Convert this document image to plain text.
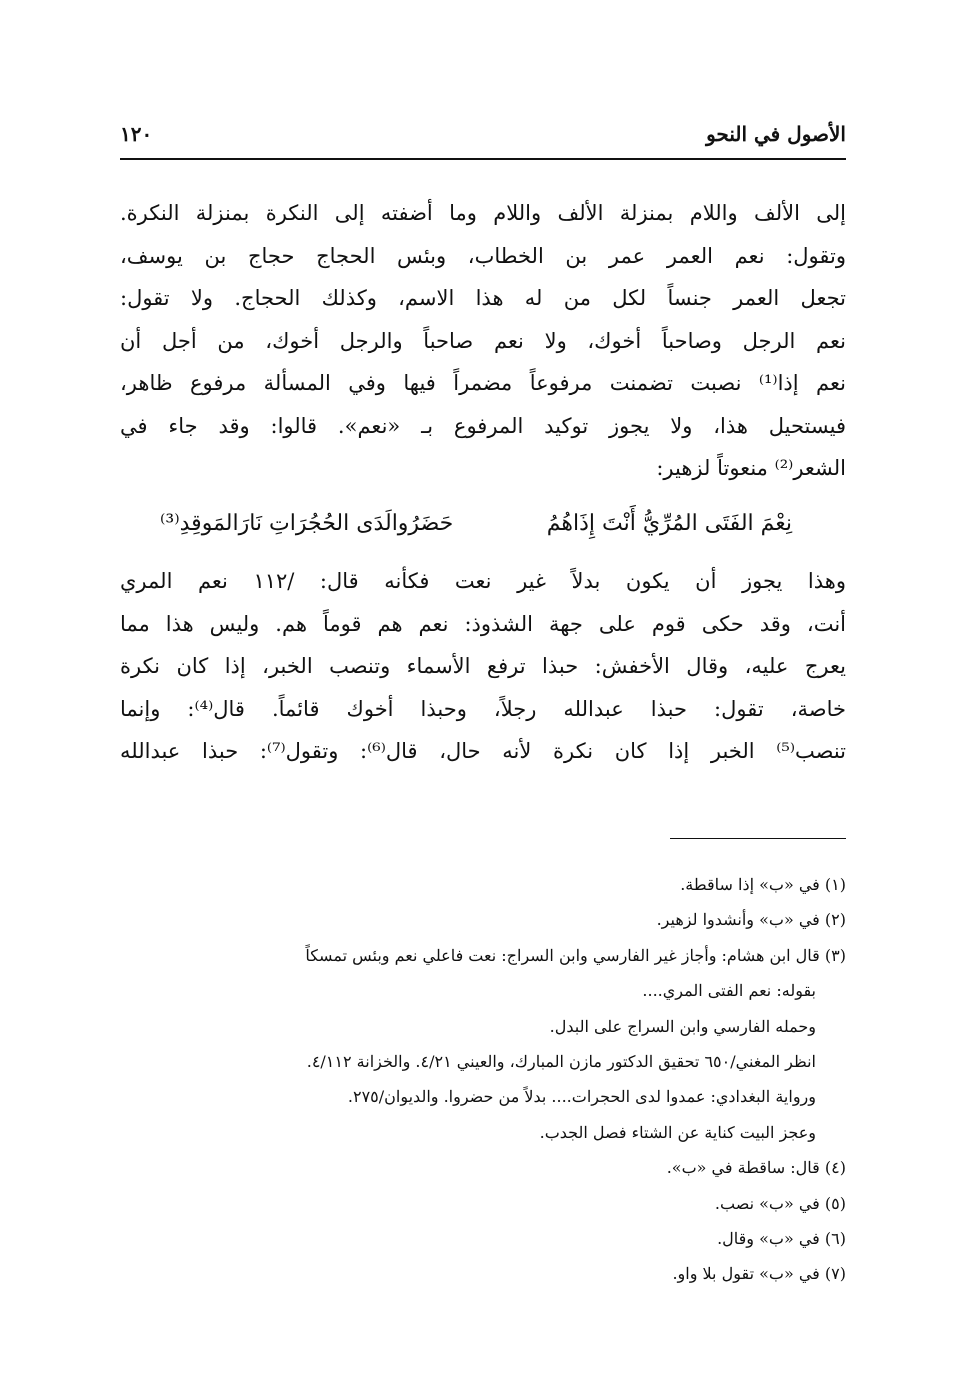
الأصول في النحو
١٢٠
إلى الألف واللام بمنزلة الألف واللام وما أضفته إلى النكرة بمنزلة النكرة.
وتقول: نعم العمر عمر بن الخطاب، وبئس الحجاج حجاج بن يوسف،
تجعل العمر جنساً لكل من له هذا الاسم، وكذلك الحجاج. ولا تقول:
نعم الرجل وصاحباً أخوك، ولا نعم صاحباً والرجل أخوك، من أجل أن
نعم إذا⁽¹⁾ نصبت تضمنت مرفوعاً مضمراً فيها وفي المسألة مرفوع ظاهر،
فيستحيل هذا، ولا يجوز توكيد المرفوع بـ «نعم». قالوا: وقد جاء في
الشعر⁽²⁾ منعوتاً لزهير:
نِعْمَ الفَتَى المُرِّيُّ أَنْتَ إِذَاهُمُ
حَضَرُوالَدَى الحُجُرَاتِ نَارَالمَوقِدِ⁽³⁾
وهذا يجوز أن يكون بدلاً غير نعت فكأنه قال: /١١٢ نعم المري
أنت، وقد حكى قوم على جهة الشذوذ: نعم هم قوماً هم. وليس هذا مما
يعرج عليه، وقال الأخفش: حبذا ترفع الأسماء وتنصب الخبر، إذا كان نكرة
خاصة، تقول: حبذا عبدالله رجلاً، وحبذا أخوك قائماً. قال⁽⁴⁾: وإنما
تنصب⁽⁵⁾ الخبر إذا كان نكرة لأنه حال، قال⁽⁶⁾: وتقول⁽⁷⁾: حبذا عبدالله
(١) في «ب» إذا ساقطة.
(٢) في «ب» وأنشدوا لزهير.
(٣) قال ابن هشام: وأجاز غير الفارسي وابن السراج: نعت فاعلي نعم وبئس تمسكاً
بقوله: نعم الفتى المري....
وحمله الفارسي وابن السراج على البدل.
انظر المغني/٦٥٠ تحقيق الدكتور مازن المبارك، والعيني ٤/٢١. والخزانة ٤/١١٢.
ورواية البغدادي: عمدوا لدى الحجرات.... بدلاً من حضروا. والديوان/٢٧٥.
وعجز البيت كناية عن الشتاء فصل الجدب.
(٤) قال: ساقطة في «ب».
(٥) في «ب» نصب.
(٦) في «ب» وقال.
(٧) في «ب» تقول بلا واو.
